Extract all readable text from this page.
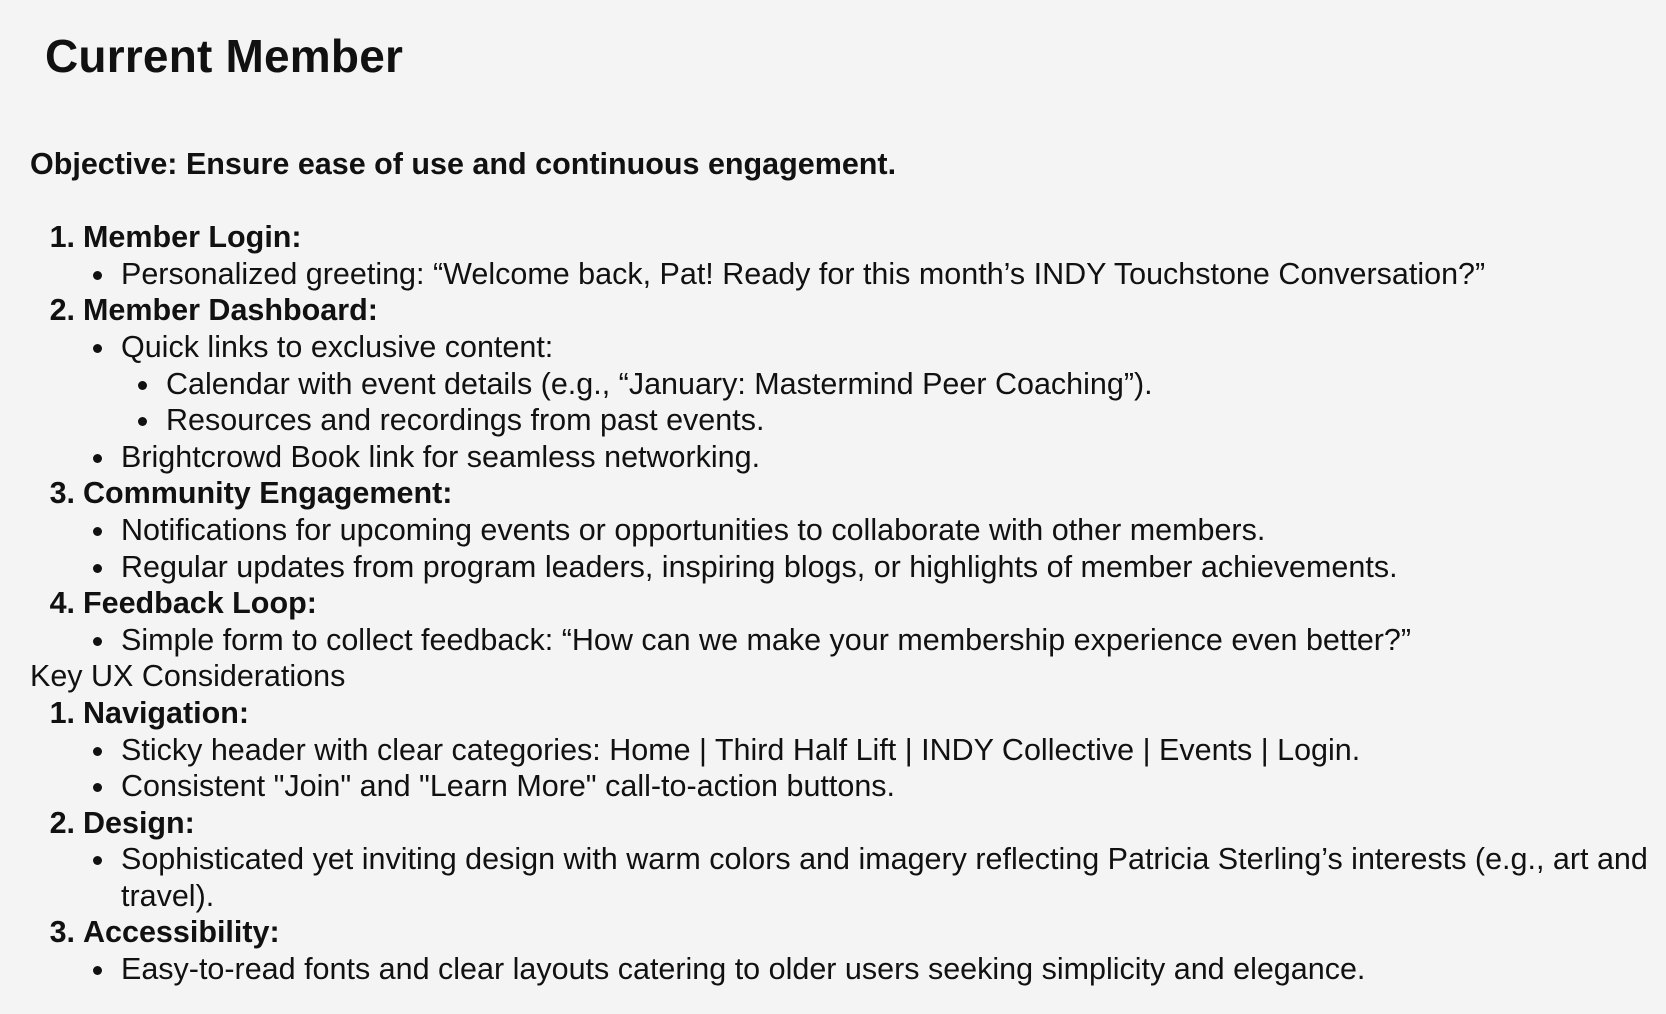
Current Member

Objective: Ensure ease of use and continuous engagement.

1. Member Login:
Personalized greeting: “Welcome back, Pat! Ready for this month’s INDY Touchstone Conversation?”
2. Member Dashboard:
Quick links to exclusive content:
Calendar with event details (e.g., “January: Mastermind Peer Coaching”).
Resources and recordings from past events.
Brightcrowd Book link for seamless networking.
3. Community Engagement:
Notifications for upcoming events or opportunities to collaborate with other members.
Regular updates from program leaders, inspiring blogs, or highlights of member achievements.
4. Feedback Loop:
Simple form to collect feedback: “How can we make your membership experience even better?”

Key UX Considerations

1. Navigation:
Sticky header with clear categories: Home | Third Half Lift | INDY Collective | Events | Login.
Consistent "Join" and "Learn More" call-to-action buttons.
2. Design:
Sophisticated yet inviting design with warm colors and imagery reflecting Patricia Sterling’s interests (e.g., art and travel).
3. Accessibility:
Easy-to-read fonts and clear layouts catering to older users seeking simplicity and elegance.
